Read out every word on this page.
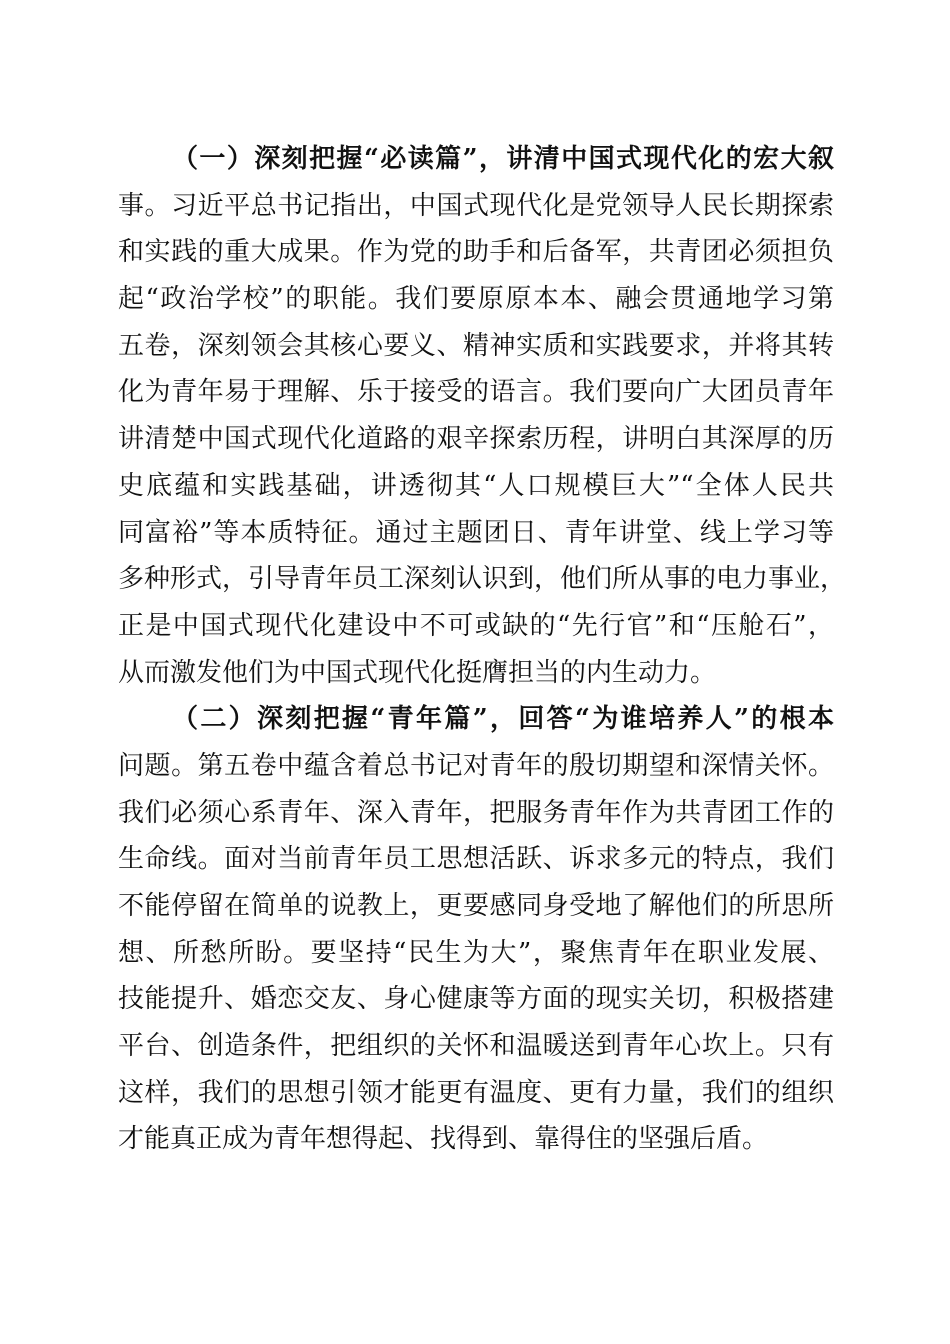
（一）深刻把握“必读篇”，讲清中国式现代化的宏大叙
事。习近平总书记指出，中国式现代化是党领导人民长期探索
和实践的重大成果。作为党的助手和后备军，共青团必须担负
起“政治学校”的职能。我们要原原本本、融会贯通地学习第
五卷，深刻领会其核心要义、精神实质和实践要求，并将其转
化为青年易于理解、乐于接受的语言。我们要向广大团员青年
讲清楚中国式现代化道路的艰辛探索历程，讲明白其深厚的历
史底蕴和实践基础，讲透彻其“人口规模巨大”“全体人民共
同富裕”等本质特征。通过主题团日、青年讲堂、线上学习等
多种形式，引导青年员工深刻认识到，他们所从事的电力事业，
正是中国式现代化建设中不可或缺的“先行官”和“压舱石”，
从而激发他们为中国式现代化挺膺担当的内生动力。
（二）深刻把握“青年篇”，回答“为谁培养人”的根本
问题。第五卷中蕴含着总书记对青年的殷切期望和深情关怀。
我们必须心系青年、深入青年，把服务青年作为共青团工作的
生命线。面对当前青年员工思想活跃、诉求多元的特点，我们
不能停留在简单的说教上，更要感同身受地了解他们的所思所
想、所愁所盼。要坚持“民生为大”，聚焦青年在职业发展、
技能提升、婚恋交友、身心健康等方面的现实关切，积极搭建
平台、创造条件，把组织的关怀和温暖送到青年心坎上。只有
这样，我们的思想引领才能更有温度、更有力量，我们的组织
才能真正成为青年想得起、找得到、靠得住的坚强后盾。
